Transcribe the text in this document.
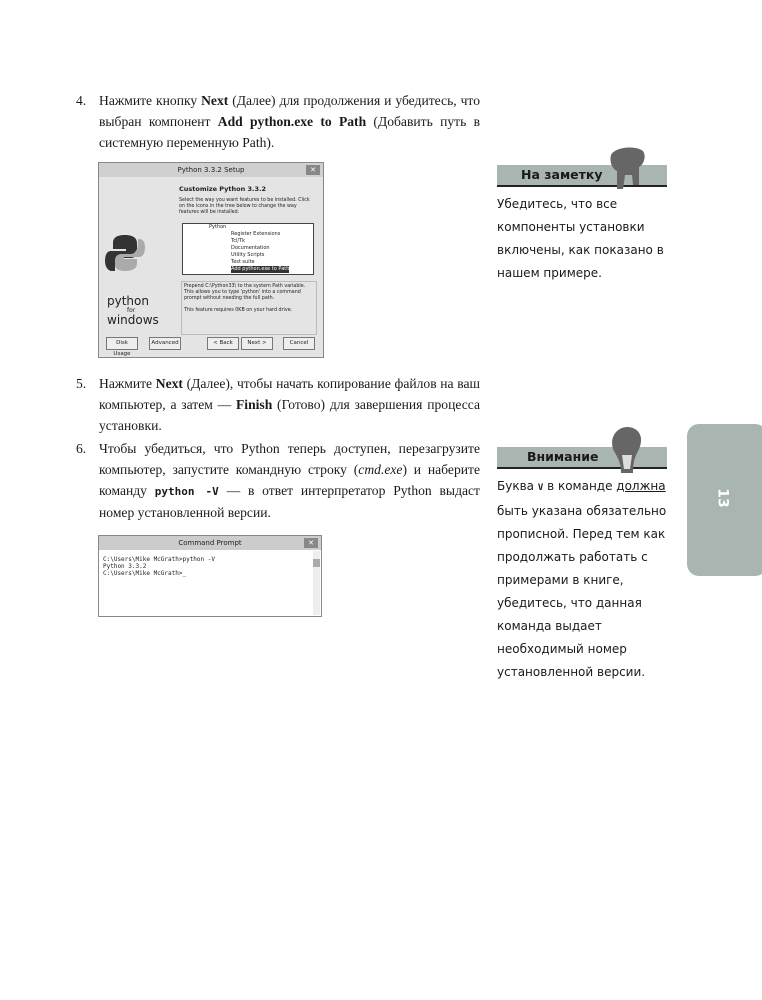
4. Нажмите кнопку Next (Далее) для продолжения и убедитесь, что выбран компонент Add python.exe to Path (Добавить путь в системную переменную Path).
Python 3.3.2 Setup	✕
python
for
windows
Customize Python 3.3.2
Select the way you want features to be installed. Click on the icons in the tree below to change the way features will be installed.
Python
Register Extensions
Tcl/Tk
Documentation
Utility Scripts
Test suite
Add python.exe to Path
Prepend C:\Python33\ to the system Path variable. This allows you to type 'python' into a command prompt without needing the full path.
This feature requires 0KB on your hard drive.
Disk Usage
Advanced	< Back	Next >	Cancel
5. Нажмите Next (Далее), чтобы начать копирование файлов на ваш компьютер, а затем — Finish (Готово) для завершения процесса установки.
6. Чтобы убедиться, что Python теперь доступен, перезагрузите компьютер, запустите командную строку (cmd.exe) и наберите команду python -V — в ответ интерпретатор Python выдаст номер установленной версии.
Command Prompt	✕
C:\Users\Mike McGrath>python -V
Python 3.3.2
C:\Users\Mike McGrath>_
На заметку
Убедитесь, что все компоненты установки включены, как показано в нашем примере.
Внимание
Буква V в команде должна быть указана обязательно прописной. Перед тем как продолжать работать с примерами в книге, убедитесь, что данная команда выдает необходимый номер установленной версии.
13
